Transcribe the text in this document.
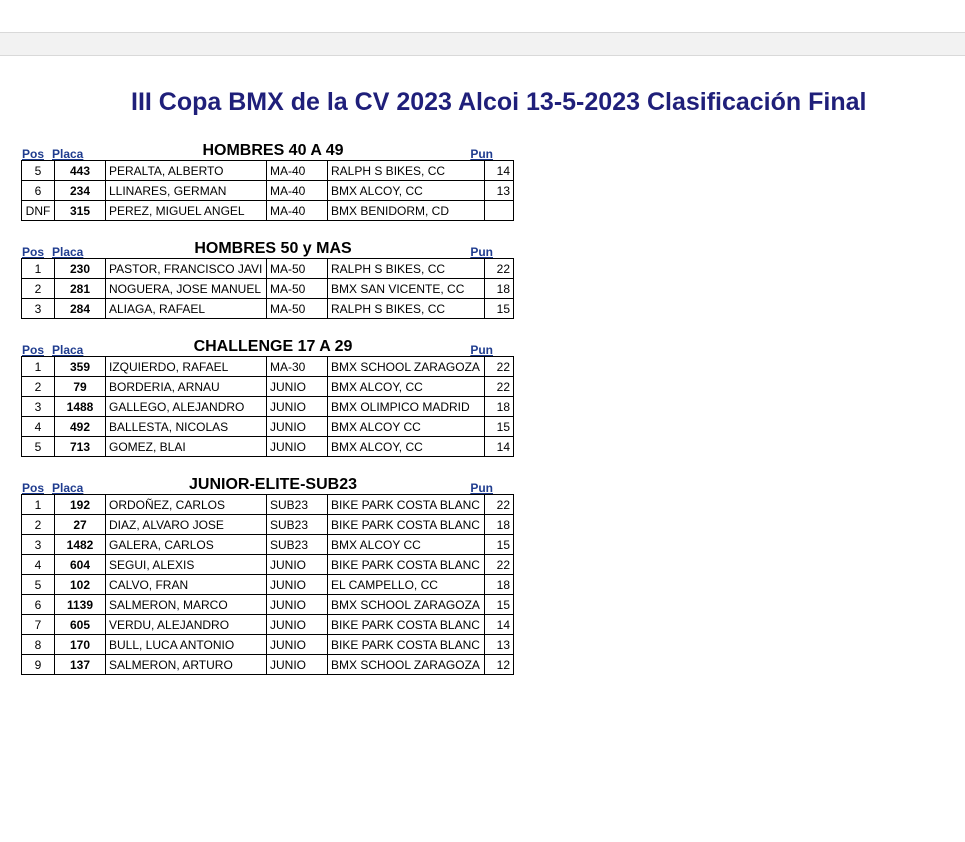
III Copa BMX de la CV 2023 Alcoi 13-5-2023 Clasificación Final
Pos Placa	HOMBRES 40 A 49	Pun
5	443	PERALTA, ALBERTO	MA-40	RALPH S BIKES, CC	14
6	234	LLINARES, GERMAN	MA-40	BMX ALCOY, CC	13
DNF	315	PEREZ, MIGUEL ANGEL	MA-40	BMX BENIDORM, CD	
Pos Placa	HOMBRES 50 y MAS	Pun
1	230	PASTOR, FRANCISCO JAVI	MA-50	RALPH S BIKES, CC	22
2	281	NOGUERA, JOSE MANUEL	MA-50	BMX SAN VICENTE, CC	18
3	284	ALIAGA, RAFAEL	MA-50	RALPH S BIKES, CC	15
Pos Placa	CHALLENGE 17 A 29	Pun
1	359	IZQUIERDO, RAFAEL	MA-30	BMX SCHOOL ZARAGOZA	22
2	79	BORDERIA, ARNAU	JUNIO	BMX ALCOY, CC	22
3	1488	GALLEGO, ALEJANDRO	JUNIO	BMX OLIMPICO MADRID	18
4	492	BALLESTA, NICOLAS	JUNIO	BMX ALCOY CC	15
5	713	GOMEZ, BLAI	JUNIO	BMX ALCOY, CC	14
Pos Placa	JUNIOR-ELITE-SUB23	Pun
1	192	ORDOÑEZ, CARLOS	SUB23	BIKE PARK COSTA BLANC	22
2	27	DIAZ, ALVARO JOSE	SUB23	BIKE PARK COSTA BLANC	18
3	1482	GALERA, CARLOS	SUB23	BMX ALCOY CC	15
4	604	SEGUI, ALEXIS	JUNIO	BIKE PARK COSTA BLANC	22
5	102	CALVO, FRAN	JUNIO	EL CAMPELLO, CC	18
6	1139	SALMERON, MARCO	JUNIO	BMX SCHOOL ZARAGOZA	15
7	605	VERDU, ALEJANDRO	JUNIO	BIKE PARK COSTA BLANC	14
8	170	BULL, LUCA ANTONIO	JUNIO	BIKE PARK COSTA BLANC	13
9	137	SALMERON, ARTURO	JUNIO	BMX SCHOOL ZARAGOZA	12
